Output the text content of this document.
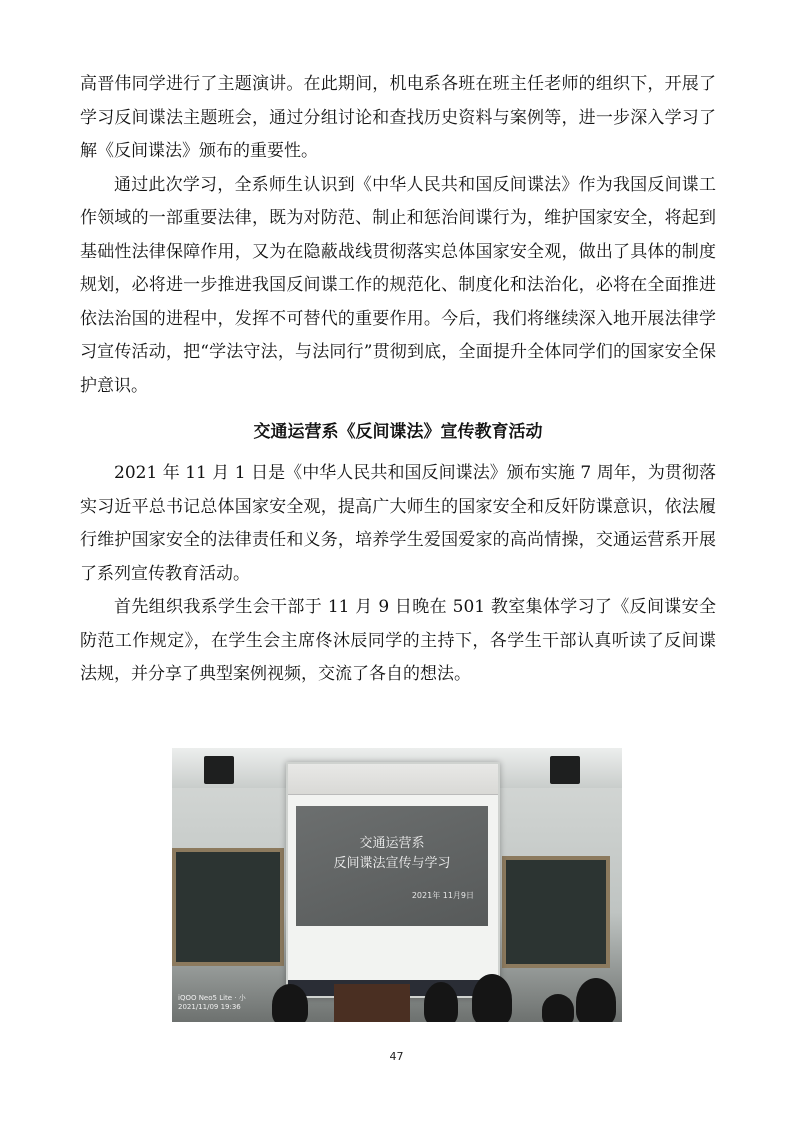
高晋伟同学进行了主题演讲。在此期间，机电系各班在班主任老师的组织下，开展了学习反间谍法主题班会，通过分组讨论和查找历史资料与案例等，进一步深入学习了解《反间谍法》颁布的重要性。

通过此次学习，全系师生认识到《中华人民共和国反间谍法》作为我国反间谍工作领域的一部重要法律，既为对防范、制止和惩治间谍行为，维护国家安全，将起到基础性法律保障作用，又为在隐蔽战线贯彻落实总体国家安全观，做出了具体的制度规划，必将进一步推进我国反间谍工作的规范化、制度化和法治化，必将在全面推进依法治国的进程中，发挥不可替代的重要作用。今后，我们将继续深入地开展法律学习宣传活动，把“学法守法，与法同行”贯彻到底，全面提升全体同学们的国家安全保护意识。

交通运营系《反间谍法》宣传教育活动

2021 年 11 月 1 日是《中华人民共和国反间谍法》颁布实施 7 周年，为贯彻落实习近平总书记总体国家安全观，提高广大师生的国家安全和反奸防谍意识，依法履行维护国家安全的法律责任和义务，培养学生爱国爱家的高尚情操，交通运营系开展了系列宣传教育活动。

首先组织我系学生会干部于 11 月 9 日晚在 501 教室集体学习了《反间谍安全防范工作规定》，在学生会主席佟沐辰同学的主持下，各学生干部认真听读了反间谍法规，并分享了典型案例视频，交流了各自的想法。

交通运营系
反间谍法宣传与学习
2021年 11月9日
iQOO Neo5 Lite · 小
2021/11/09 19:36
47
